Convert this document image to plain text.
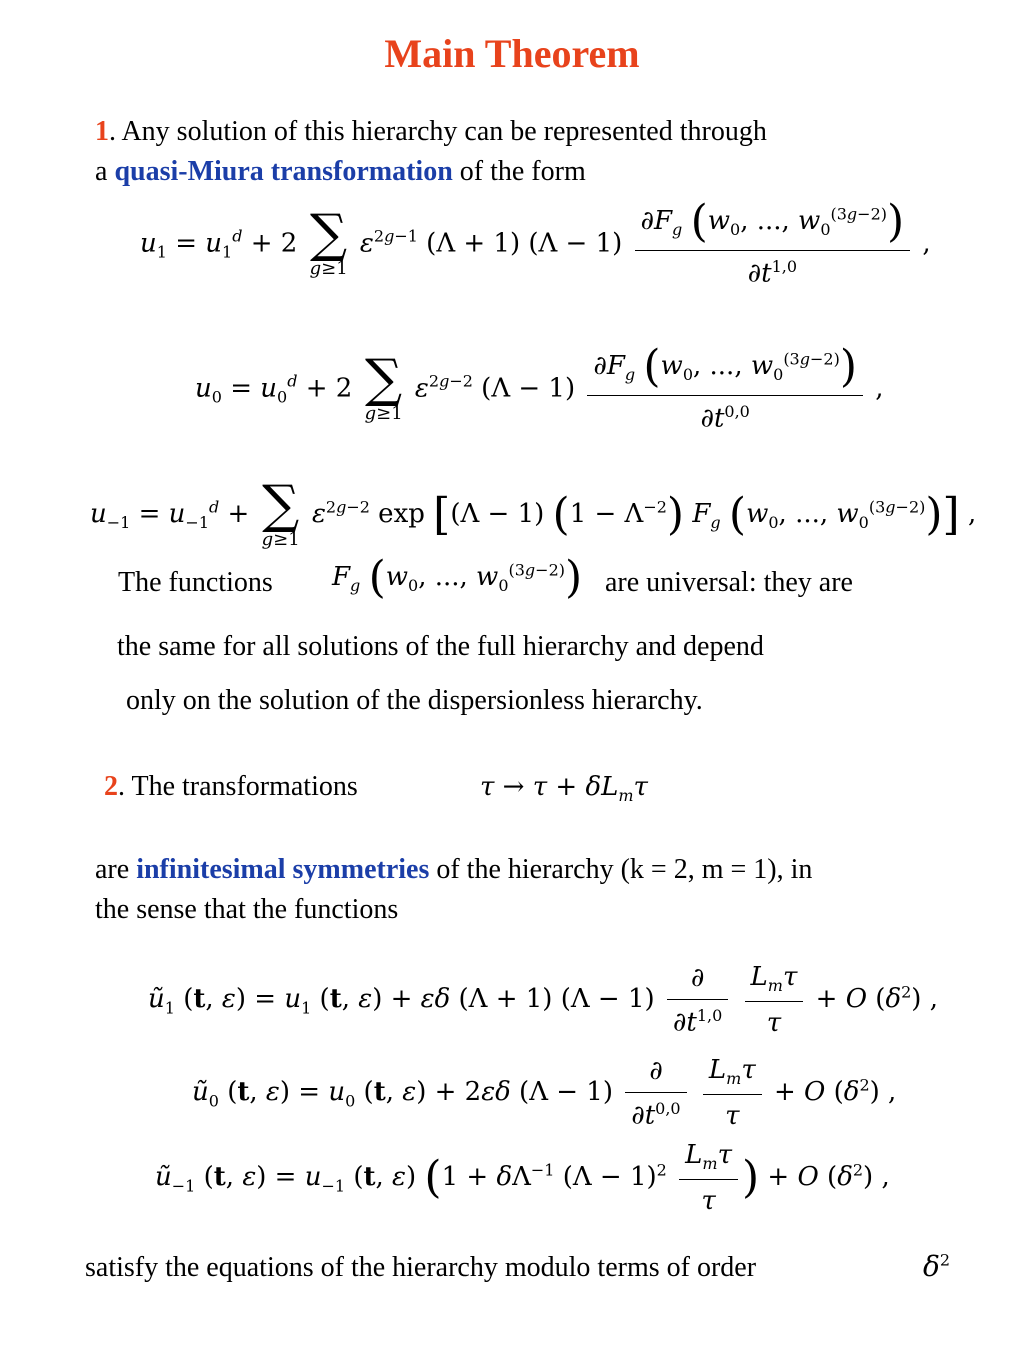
Main Theorem
1. Any solution of this hierarchy can be represented through
a quasi-Miura transformation of the form
$u_1 = u_1^d + 2$ ∑
g≥1
$\varepsilon^{2g-1}$ (Λ + 1) $(\Lambda - 1) \frac{\partial F_g (w_0, ..., w_0^{(3g-2)})}{\partial t^{1,0}}$ ,
$u_0 = u_0^d + 2$ ∑
g≥1
$\varepsilon^{2g-2}$ $(\Lambda - 1) \frac{\partial F_g (w_0, ..., w_0^{(3g-2)})}{\partial t^{0,0}}$ ,
$u_{-1} = u_{-1}^d$ + ∑
g≥1
$\varepsilon^{2g-2}$ exp [(Λ − 1) $(1 - \Lambda^{-2})$ $F_g$ ($w_0$, ..., $w_0^{(3g-2)}$)] ,
The functions $F_g$ ($w_0$, ..., $w_0^{(3g-2)}$) are universal: they are
the same for all solutions of the full hierarchy and depend
only on the solution of the dispersionless hierarchy.
2. The transformations	$\tau \to \tau + \delta L_m\tau$
are infinitesimal symmetries of the hierarchy (k = 2, m = 1), in
the sense that the functions
$ũ_1$ (t, $\varepsilon) = u_1$ (t, ε) + εδ (Λ + 1) $(\Lambda - 1) \frac{\partial}{\partial t^{1,0}}$
$\frac{L_m\tau}{\tau} + O$ $(\delta^2)$ ,
$ũ_0$ (t, $\varepsilon) = u_0$ (t, ε) + 2εδ $(\Lambda - 1) \frac{\partial}{\partial t^{0,0}}$
$\frac{L_m\tau}{\tau} + O$ $(\delta^2)$ ,
$ũ_{-1}$ (t, $\varepsilon) = u_{-1}$ (t, ε) ($1 + \delta\Lambda^{-1}$ $(\Lambda - 1)^2 \frac{L_m\tau}{\tau}$ ) + O $(\delta^2)$ ,
satisfy the equations of the hierarchy modulo terms of order	$\delta^2$
